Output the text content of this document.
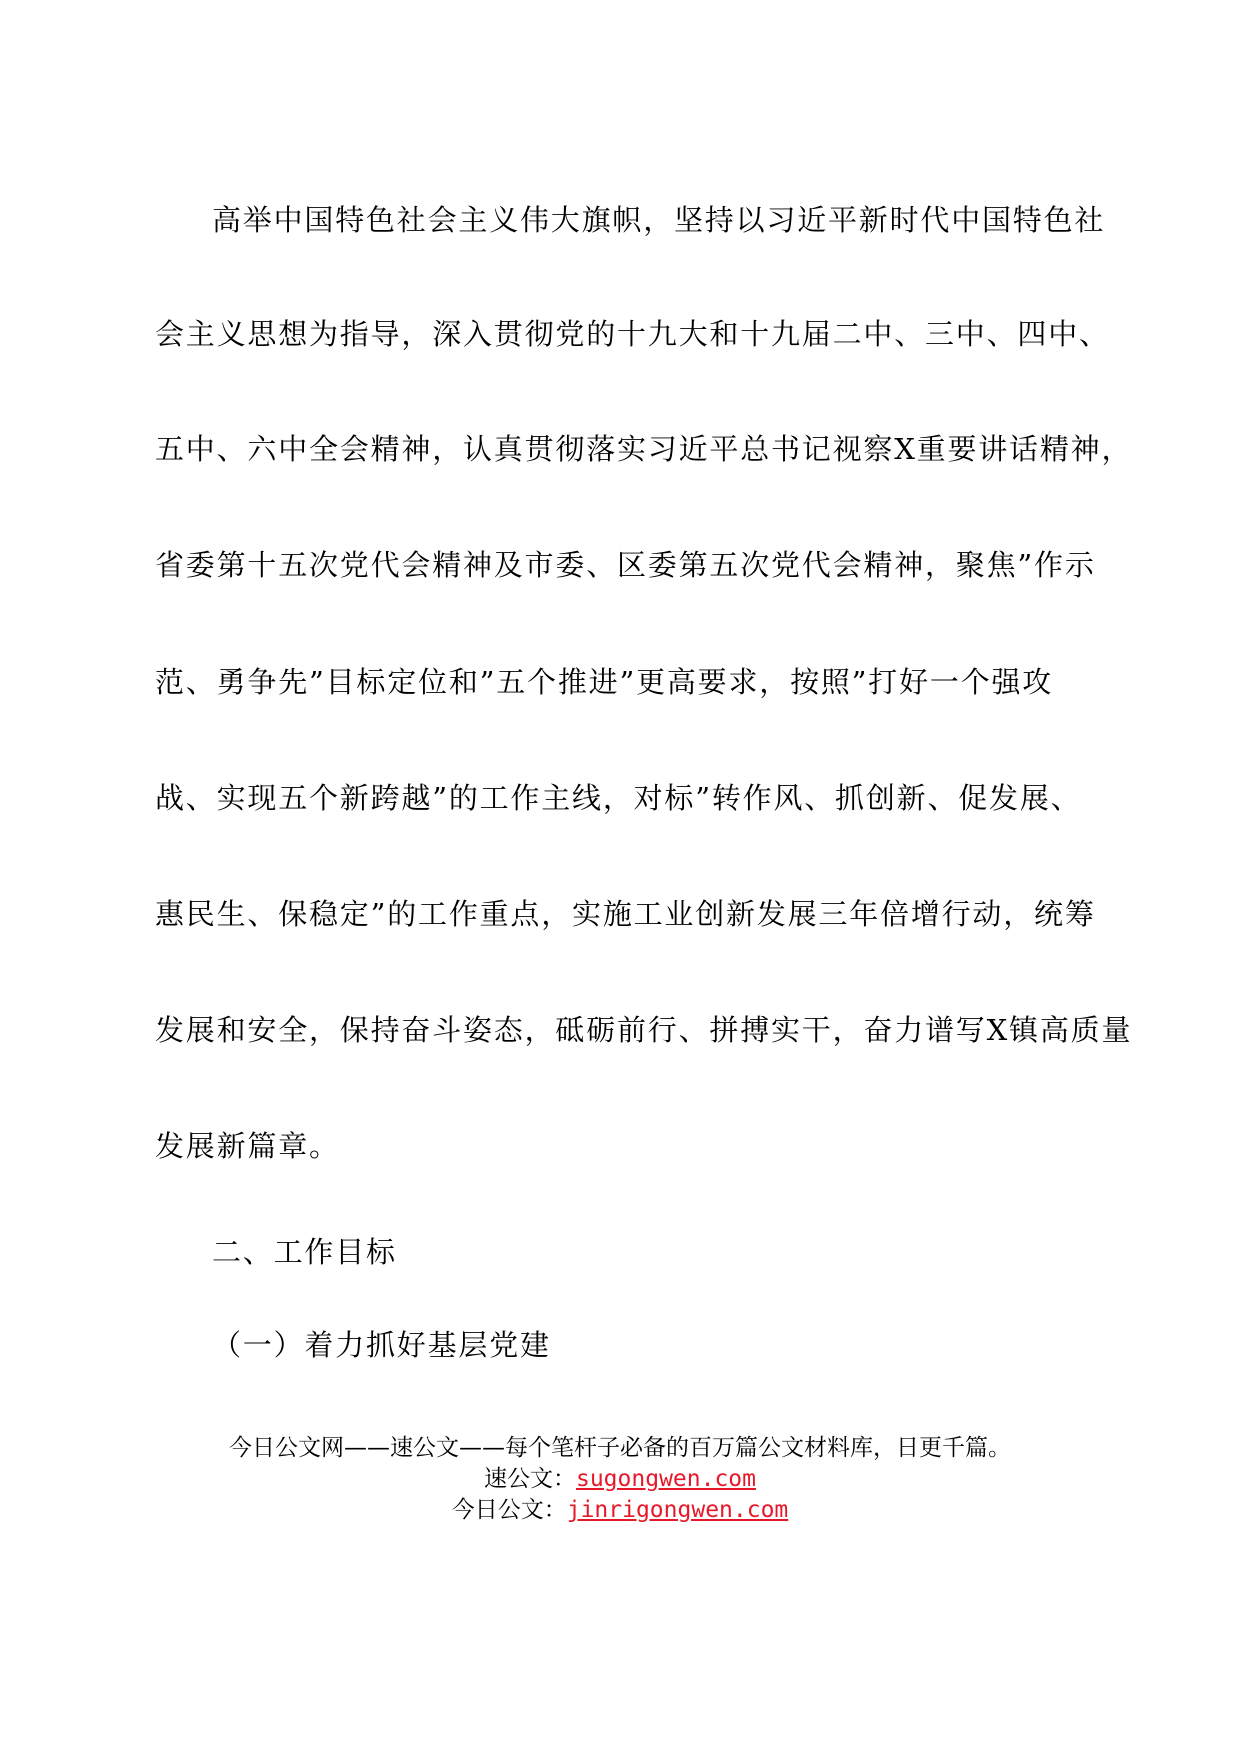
高举中国特色社会主义伟大旗帜，坚持以习近平新时代中国特色社
会主义思想为指导，深入贯彻党的十九大和十九届二中、三中、四中、
五中、六中全会精神，认真贯彻落实习近平总书记视察X重要讲话精神，
省委第十五次党代会精神及市委、区委第五次党代会精神，聚焦”作示
范、勇争先”目标定位和”五个推进”更高要求，按照”打好一个强攻
战、实现五个新跨越”的工作主线，对标”转作风、抓创新、促发展、
惠民生、保稳定”的工作重点，实施工业创新发展三年倍增行动，统筹
发展和安全，保持奋斗姿态，砥砺前行、拼搏实干，奋力谱写X镇高质量
发展新篇章。
二、工作目标
（一）着力抓好基层党建
今日公文网——速公文——每个笔杆子必备的百万篇公文材料库，日更千篇。
速公文：sugongwen.com
今日公文：jinrigongwen.com
